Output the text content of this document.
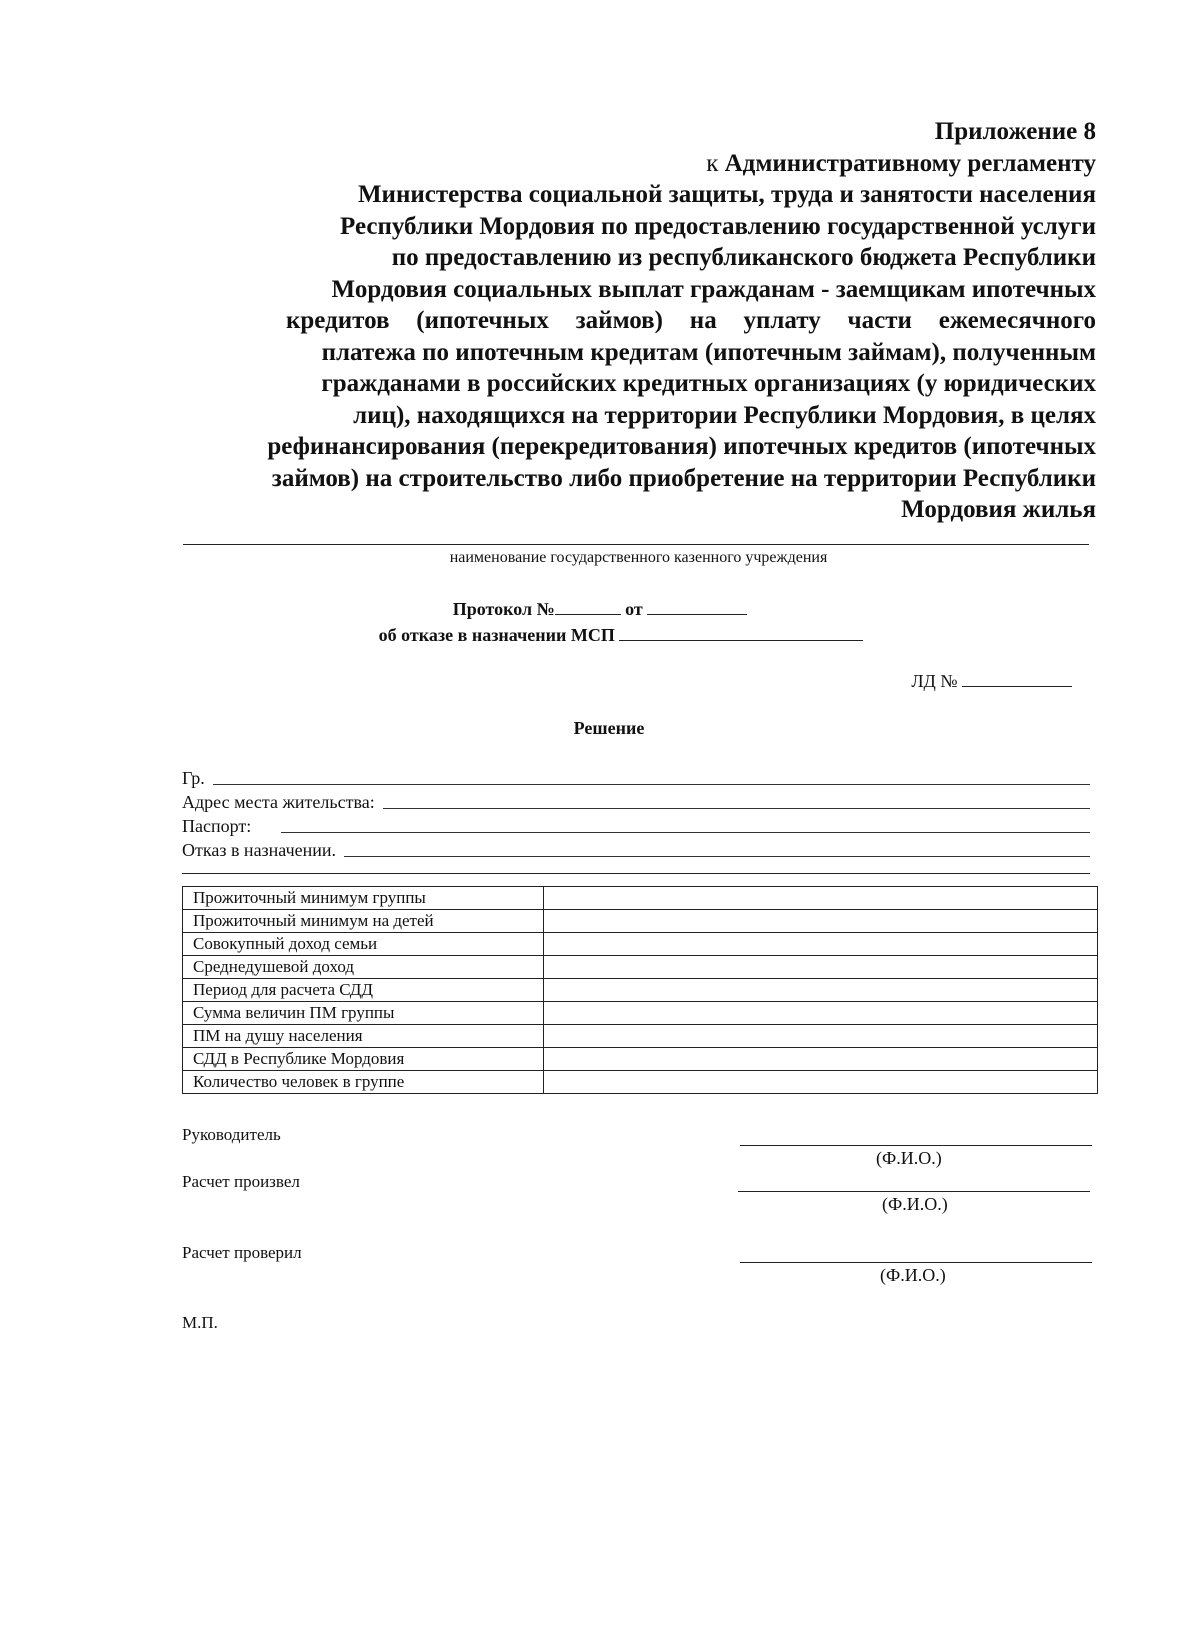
Приложение 8
к Административному регламенту
Министерства социальной защиты, труда и занятости населения
Республики Мордовия по предоставлению государственной услуги
по предоставлению из республиканского бюджета Республики
Мордовия социальных выплат гражданам - заемщикам ипотечных
кредитов (ипотечных займов) на уплату части ежемесячного
платежа по ипотечным кредитам (ипотечным займам), полученным
гражданами в российских кредитных организациях (у юридических
лиц), находящихся на территории Республики Мордовия, в целях
рефинансирования (перекредитования) ипотечных кредитов (ипотечных
займов) на строительство либо приобретение на территории Республики
Мордовия жилья
наименование государственного казенного учреждения
Протокол №	от
об отказе в назначении МСП
ЛД №
Решение
Гр.
Адрес места жительства:
Паспорт:
Отказ в назначении.
Прожиточный минимум группы	
Прожиточный минимум на детей	
Совокупный доход семьи	
Среднедушевой доход	
Период для расчета СДД	
Сумма величин ПМ группы	
ПМ на душу населения	
СДД в Республике Мордовия	
Количество человек в группе	
Руководитель
(Ф.И.О.)
Расчет произвел
(Ф.И.О.)
Расчет проверил
(Ф.И.О.)
М.П.
